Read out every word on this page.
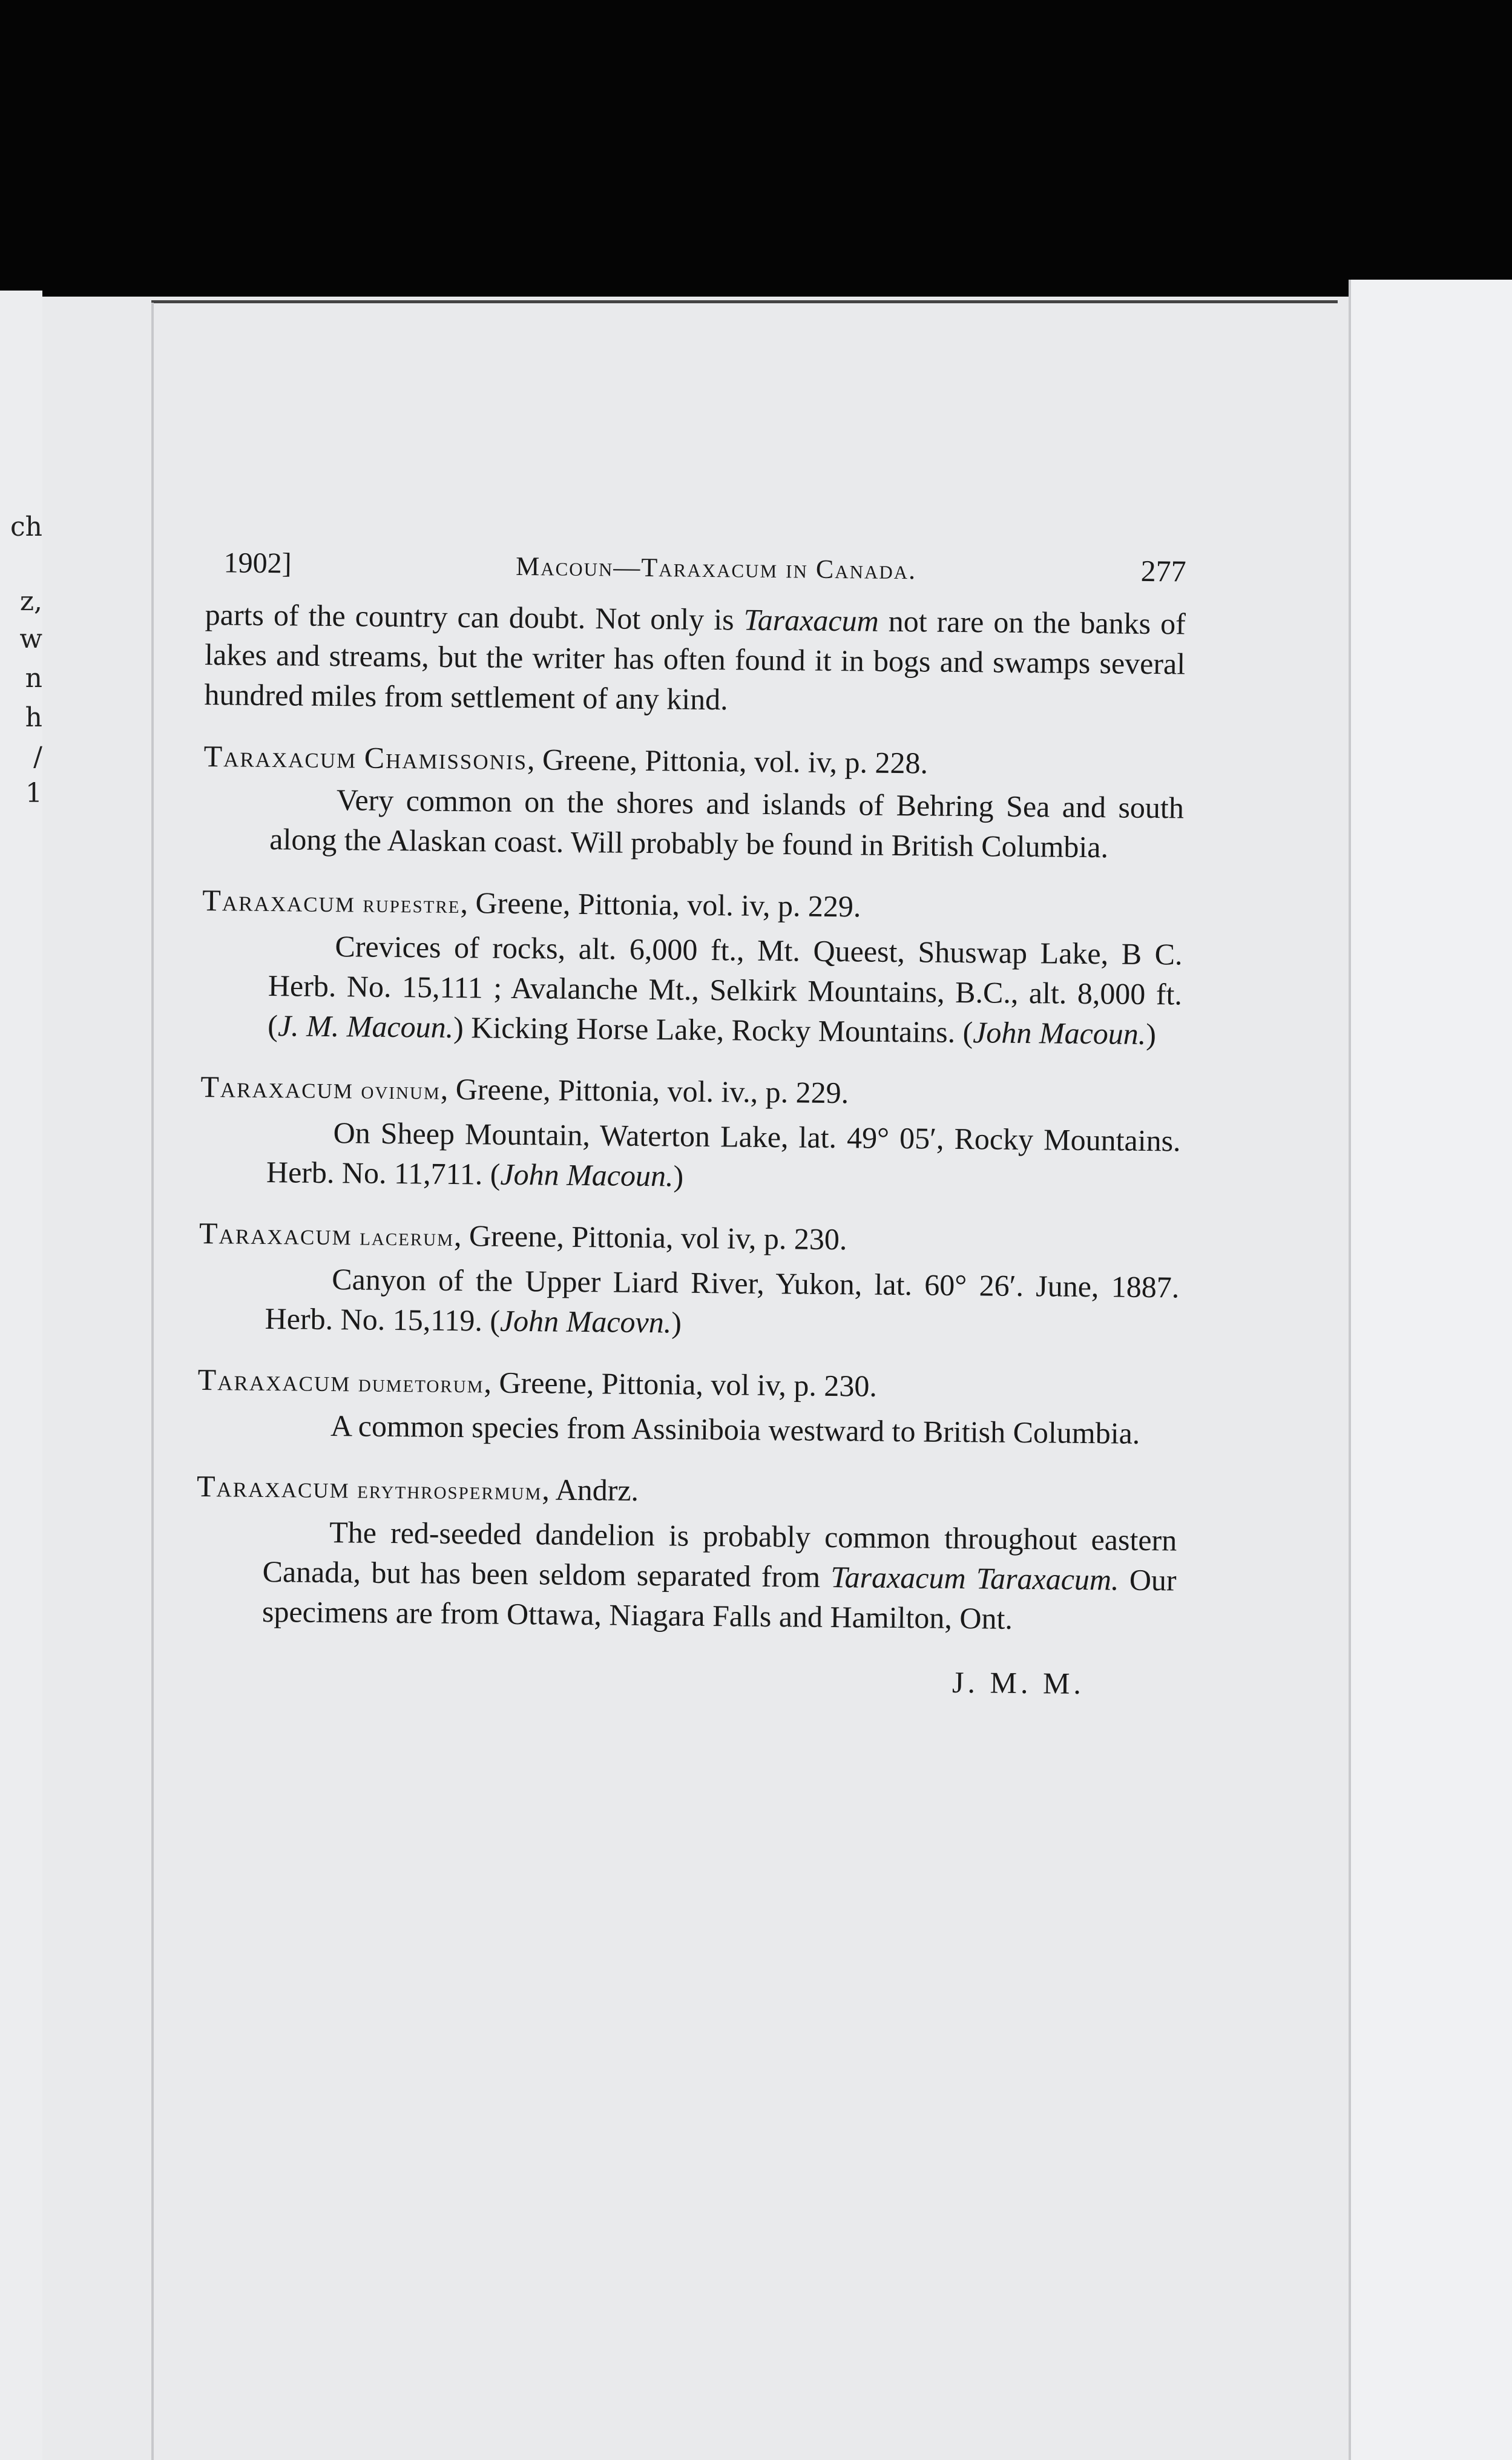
ch
z,
w
n
h
/
1
1902]	Macoun—Taraxacum in Canada.	277

parts of the country can doubt. Not only is Taraxacum not rare on the banks of lakes and streams, but the writer has often found it in bogs and swamps several hundred miles from settlement of any kind.

Taraxacum Chamissonis, Greene, Pittonia, vol. iv, p. 228.

Very common on the shores and islands of Behring Sea and south along the Alaskan coast. Will probably be found in British Columbia.

Taraxacum rupestre, Greene, Pittonia, vol. iv, p. 229.

Crevices of rocks, alt. 6,000 ft., Mt. Queest, Shuswap Lake, B C. Herb. No. 15,111 ; Avalanche Mt., Selkirk Mountains, B.C., alt. 8,000 ft. (J. M. Macoun.) Kicking Horse Lake, Rocky Mountains. (John Macoun.)

Taraxacum ovinum, Greene, Pittonia, vol. iv., p. 229.

On Sheep Mountain, Waterton Lake, lat. 49° 05′, Rocky Mountains. Herb. No. 11,711. (John Macoun.)

Taraxacum lacerum, Greene, Pittonia, vol iv, p. 230.

Canyon of the Upper Liard River, Yukon, lat. 60° 26′. June, 1887. Herb. No. 15,119. (John Macovn.)

Taraxacum dumetorum, Greene, Pittonia, vol iv, p. 230.

A common species from Assiniboia westward to British Columbia.

Taraxacum erythrospermum, Andrz.

The red-seeded dandelion is probably common throughout eastern Canada, but has been seldom separated from Taraxacum Taraxacum. Our specimens are from Ottawa, Niagara Falls and Hamilton, Ont.

J. M. M.
